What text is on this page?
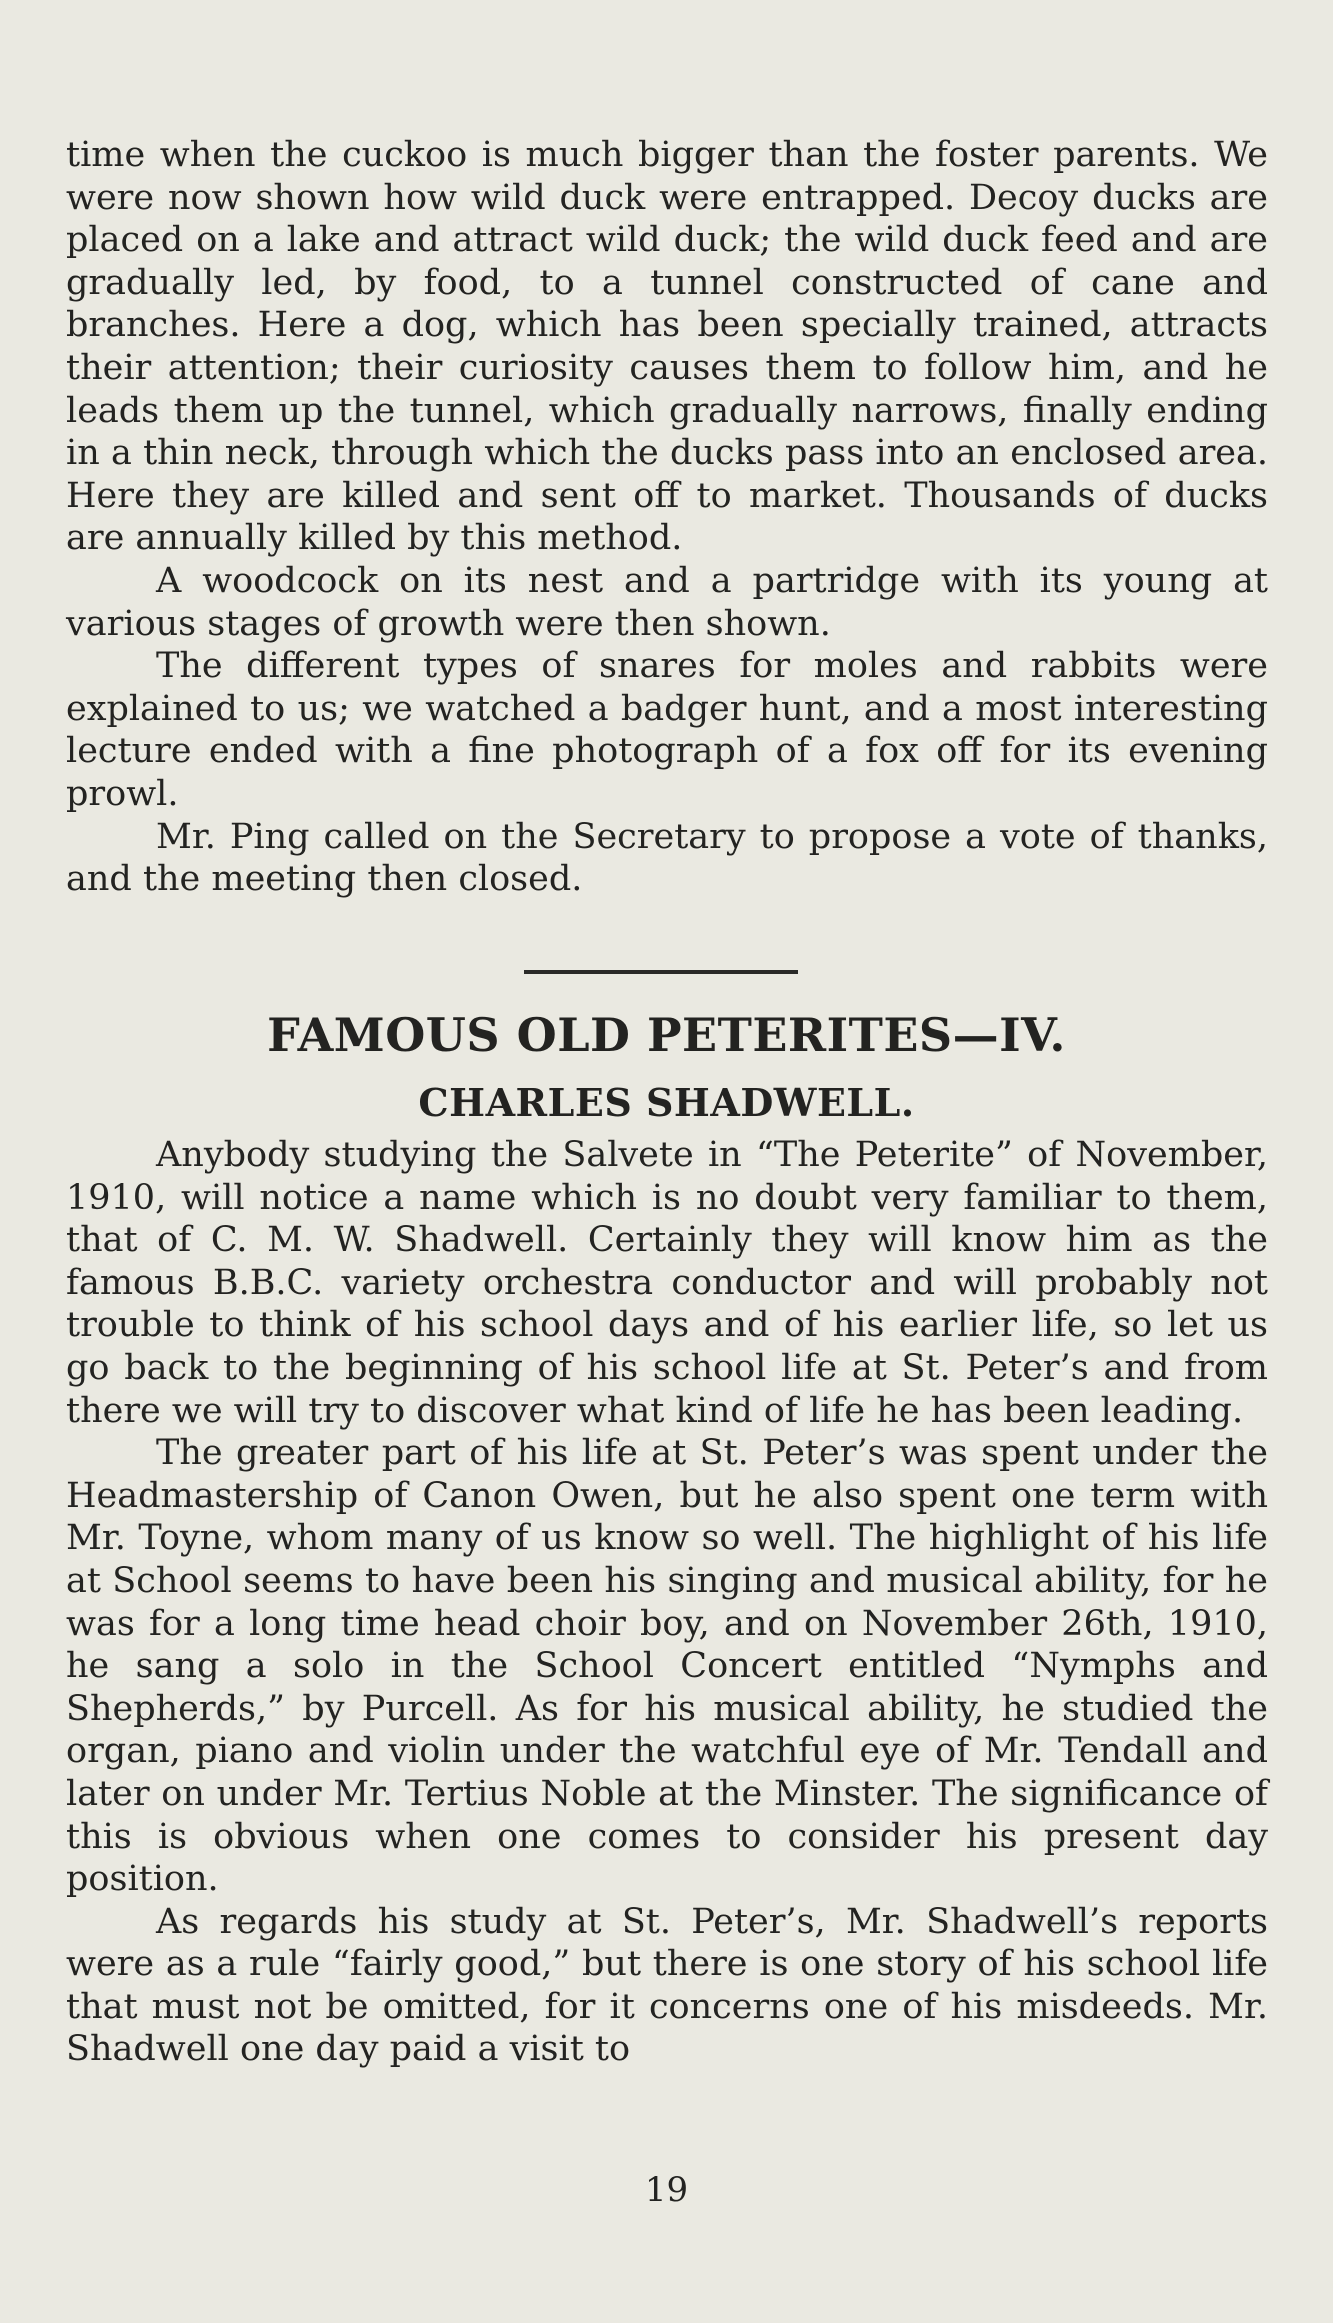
time when the cuckoo is much bigger than the foster parents. We were now shown how wild duck were entrapped. Decoy ducks are placed on a lake and attract wild duck; the wild duck feed and are gradually led, by food, to a tunnel constructed of cane and branches. Here a dog, which has been specially trained, attracts their attention; their curiosity causes them to follow him, and he leads them up the tunnel, which gradually narrows, finally ending in a thin neck, through which the ducks pass into an enclosed area. Here they are killed and sent off to market. Thousands of ducks are annually killed by this method.

A woodcock on its nest and a partridge with its young at various stages of growth were then shown.

The different types of snares for moles and rabbits were explained to us; we watched a badger hunt, and a most interesting lecture ended with a fine photograph of a fox off for its evening prowl.

Mr. Ping called on the Secretary to propose a vote of thanks, and the meeting then closed.

FAMOUS OLD PETERITES—IV.
CHARLES SHADWELL.

Anybody studying the Salvete in “The Peterite” of November, 1910, will notice a name which is no doubt very familiar to them, that of C. M. W. Shadwell. Certainly they will know him as the famous B.B.C. variety orchestra conductor and will probably not trouble to think of his school days and of his earlier life, so let us go back to the beginning of his school life at St. Peter’s and from there we will try to discover what kind of life he has been leading.

The greater part of his life at St. Peter’s was spent under the Headmastership of Canon Owen, but he also spent one term with Mr. Toyne, whom many of us know so well. The highlight of his life at School seems to have been his singing and musical ability, for he was for a long time head choir boy, and on November 26th, 1910, he sang a solo in the School Concert entitled “Nymphs and Shepherds,” by Purcell. As for his musical ability, he studied the organ, piano and violin under the watchful eye of Mr. Tendall and later on under Mr. Tertius Noble at the Minster. The significance of this is obvious when one comes to consider his present day position.

As regards his study at St. Peter’s, Mr. Shadwell’s reports were as a rule “fairly good,” but there is one story of his school life that must not be omitted, for it concerns one of his misdeeds. Mr. Shadwell one day paid a visit to

19
